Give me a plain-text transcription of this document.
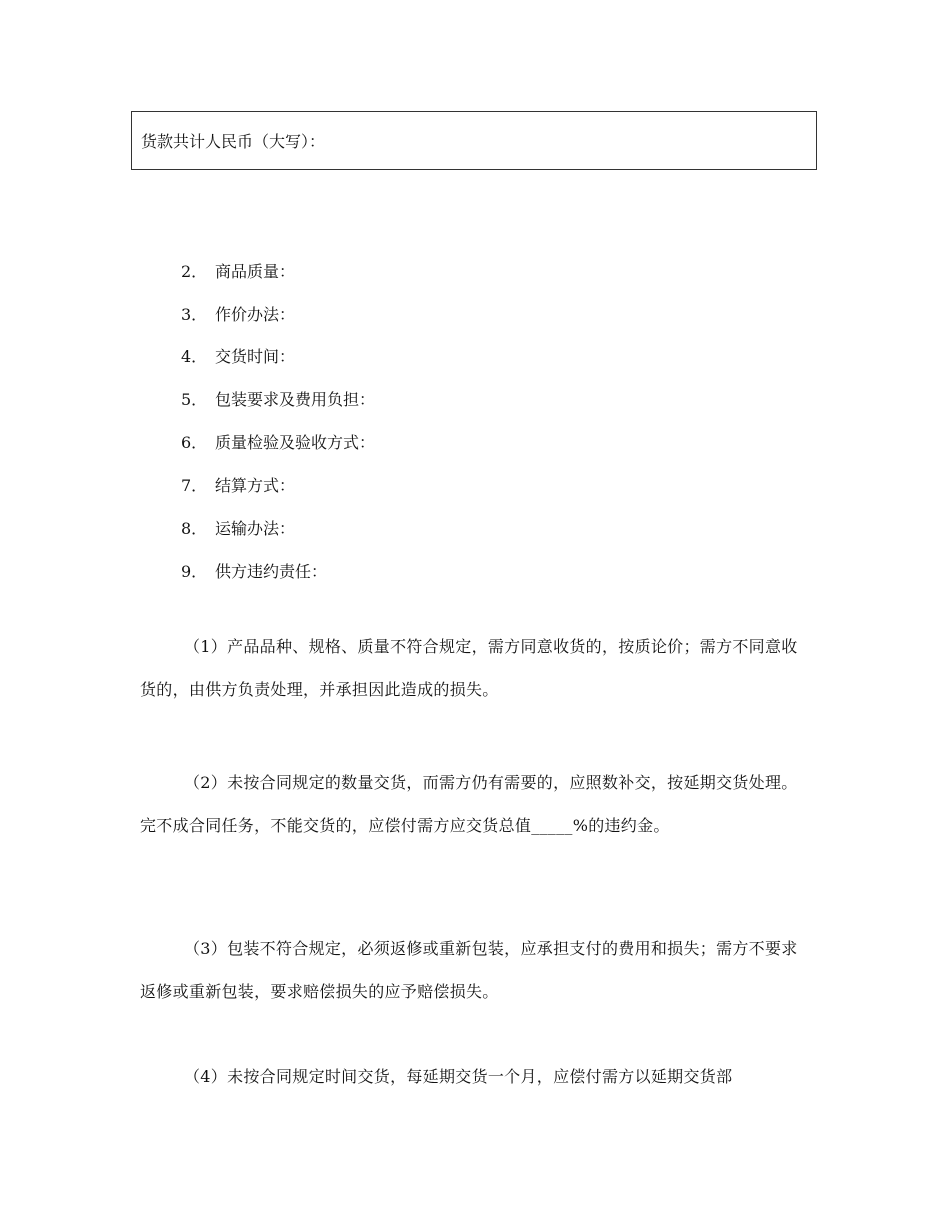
货款共计人民币（大写）：
2． 商品质量：
3． 作价办法：
4． 交货时间：
5． 包装要求及费用负担：
6． 质量检验及验收方式：
7． 结算方式：
8． 运输办法：
9． 供方违约责任：

（1）产品品种、规格、质量不符合规定，需方同意收货的，按质论价；需方不同意收货的，由供方负责处理，并承担因此造成的损失。

（2）未按合同规定的数量交货，而需方仍有需要的，应照数补交，按延期交货处理。完不成合同任务，不能交货的，应偿付需方应交货总值_____%的违约金。

（3）包装不符合规定，必须返修或重新包装，应承担支付的费用和损失；需方不要求返修或重新包装，要求赔偿损失的应予赔偿损失。

（4）未按合同规定时间交货，每延期交货一个月，应偿付需方以延期交货部
